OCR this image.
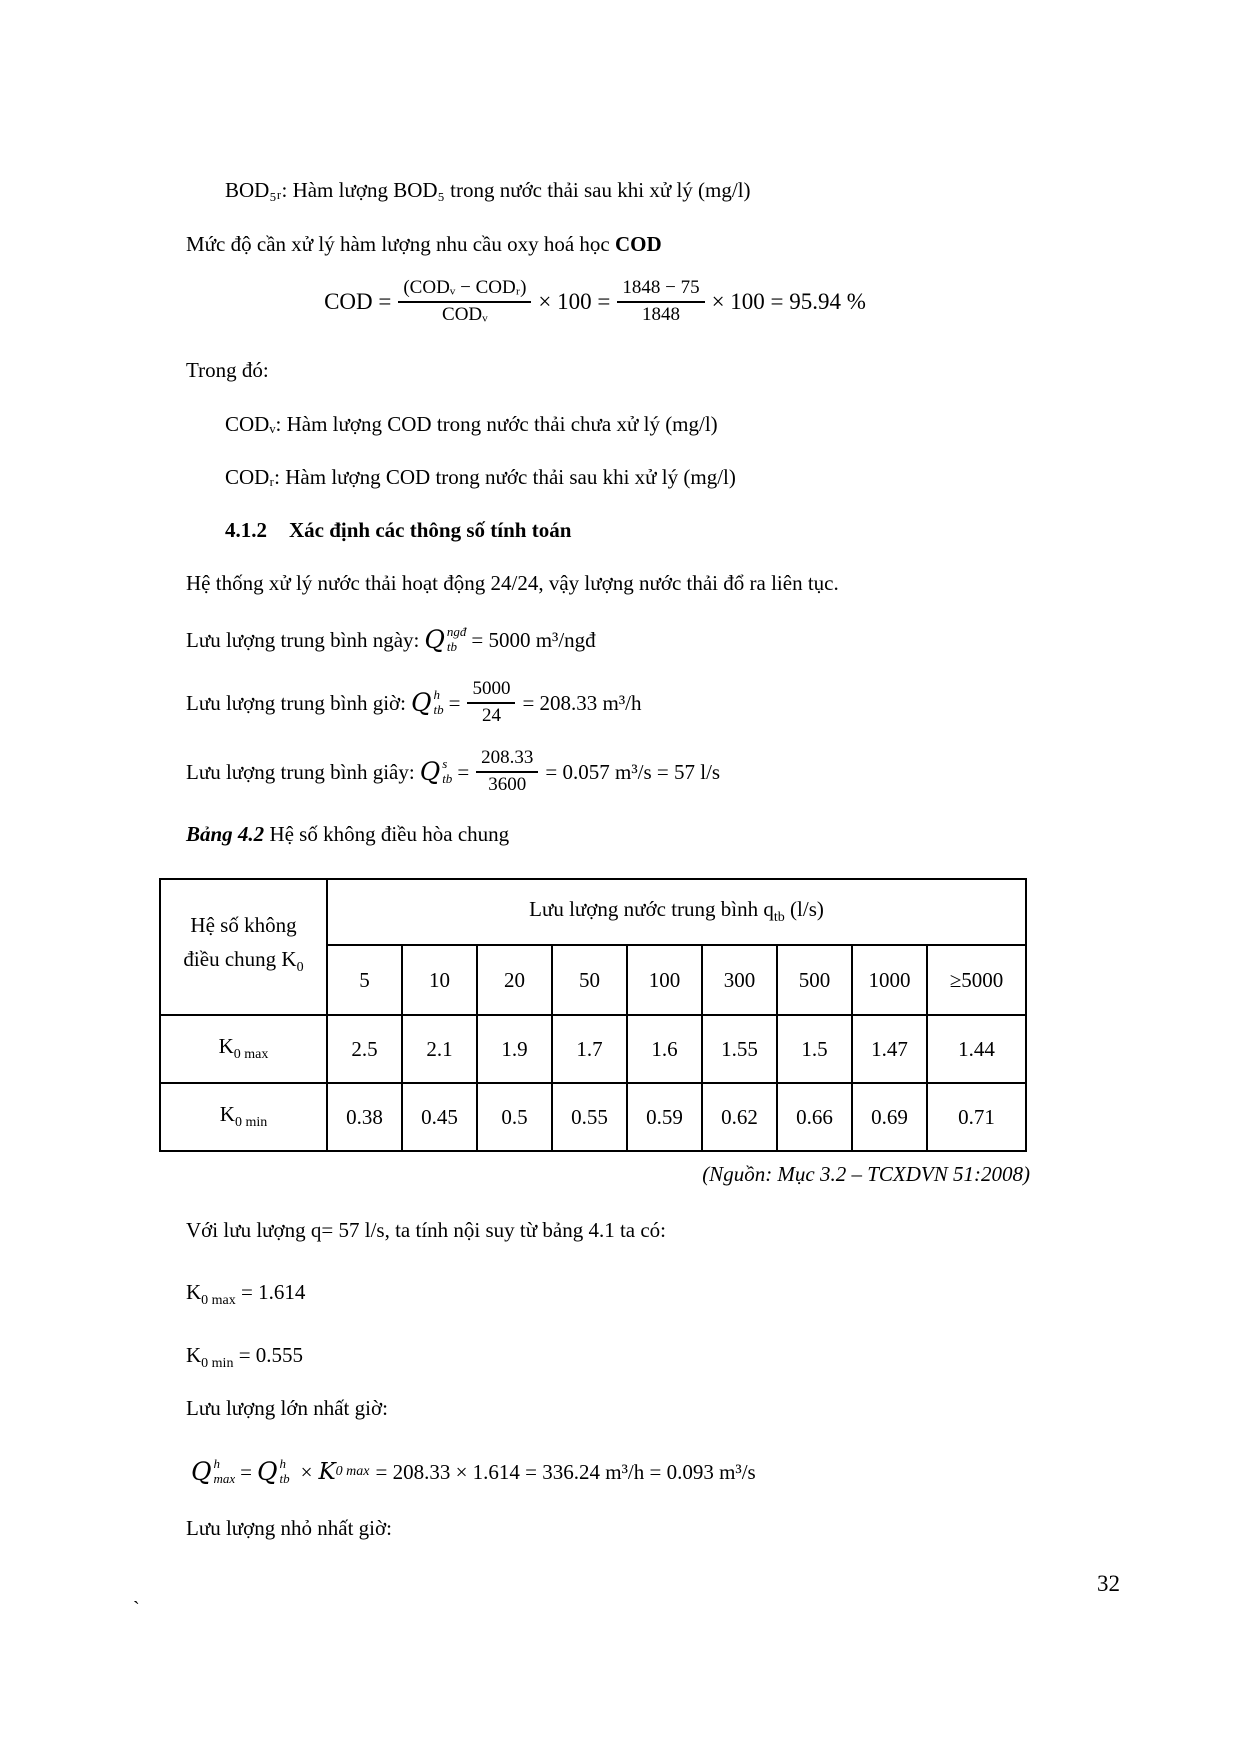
BOD₅ᵣ: Hàm lượng BOD₅ trong nước thải sau khi xử lý (mg/l)

Mức độ cần xử lý hàm lượng nhu cầu oxy hoá học COD

COD = $\frac{\text{(CODᵥ − CODᵣ)}}{\text{CODᵥ}} \times 100 = \frac{1848 - 75}{1848} \times 100 = 95.94$ %

Trong đó:

CODᵥ: Hàm lượng COD trong nước thải chưa xử lý (mg/l)

CODᵣ: Hàm lượng COD trong nước thải sau khi xử lý (mg/l)

4.1.2 Xác định các thông số tính toán

Hệ thống xử lý nước thải hoạt động 24/24, vậy lượng nước thải đổ ra liên tục.

Lưu lượng trung bình ngày: Q ngđ
tb = 5000 m³/ngđ
Lưu lượng trung bình giờ: Q h
tb = $\frac{5000}{24} = 208.33$ m³/h
Lưu lượng trung bình giây: Q s
tb = $\frac{208.33}{3600} = 0.057$ m³/s = 57 l/s

Bảng 4.2 Hệ số không điều hòa chung

Hệ số không
điều chung $K_0$	Lưu lượng nước trung bình $q_{tb}$ (l/s)								
	5	10	20	50	100	300	500	1000	≥5000
$K_{0 max}$	2.5	2.1	1.9	1.7	1.6	1.55	1.5	1.47	1.44
$K_{0 min}$	0.38	0.45	0.5	0.55	0.59	0.62	0.66	0.69	0.71

(Nguồn: Mục 3.2 – TCXDVN 51:2008)

Với lưu lượng q= 57 l/s, ta tính nội suy từ bảng 4.1 ta có:

$K_{0 max} = 1.614$

$K_{0 min} = 0.555$

Lưu lượng lớn nhất giờ:

Q h
max = Q h
tb × K 0 max = 208.33 × 1.614 = 336.24 m³/h = 0.093 m³/s

Lưu lượng nhỏ nhất giờ:

32

`
